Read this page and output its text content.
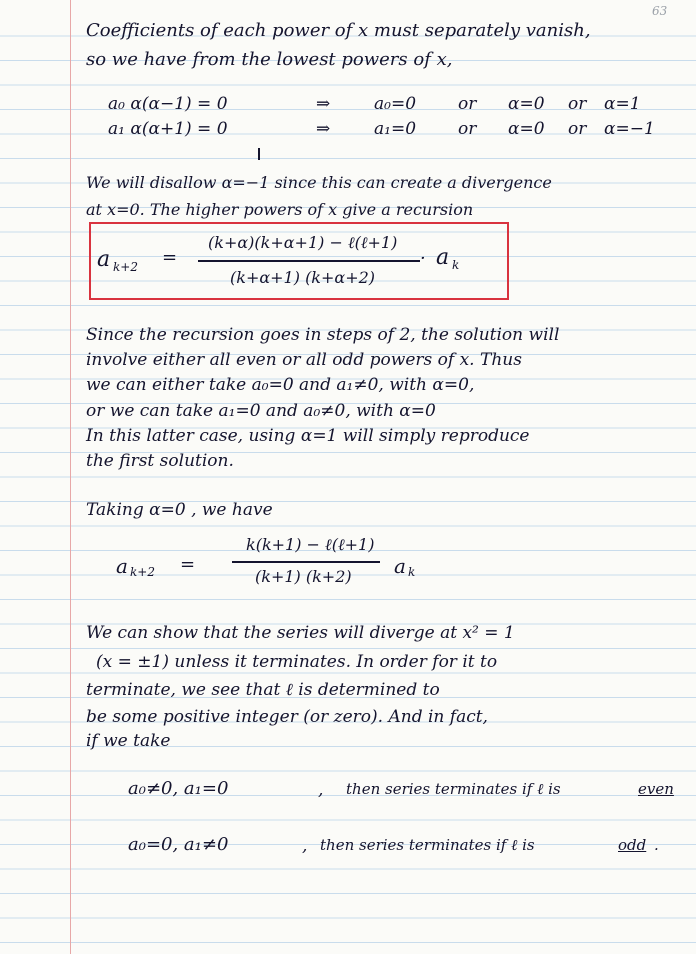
63
Coefficients of each power of x must separately vanish,
so we have from the lowest powers of x,
a₀ α(α−1) = 0	⇒	a₀=0 or α=0 or α=1
a₁ α(α+1) = 0	⇒	a₁=0 or α=0 or α=−1
We will disallow α=−1 since this can create a divergence
at x=0. The higher powers of x give a recursion
a k+2 =
(k+α)(k+α+1) − ℓ(ℓ+1)
(k+α+1) (k+α+2)
· a k
Since the recursion goes in steps of 2, the solution will
involve either all even or all odd powers of x. Thus
we can either take a₀=0 and a₁≠0, with α=0,
or we can take a₁=0 and a₀≠0, with α=0
In this latter case, using α=1 will simply reproduce
the first solution.
Taking α=0 , we have
a k+2 =
k(k+1) − ℓ(ℓ+1)
(k+1) (k+2) a k
We can show that the series will diverge at x² = 1
(x = ±1) unless it terminates. In order for it to
terminate, we see that ℓ is determined to
be some positive integer (or zero). And in fact,
if we take
a₀≠0, a₁=0	, then series terminates if ℓ is	even
a₀=0, a₁≠0	, then series terminates if ℓ is	odd .
